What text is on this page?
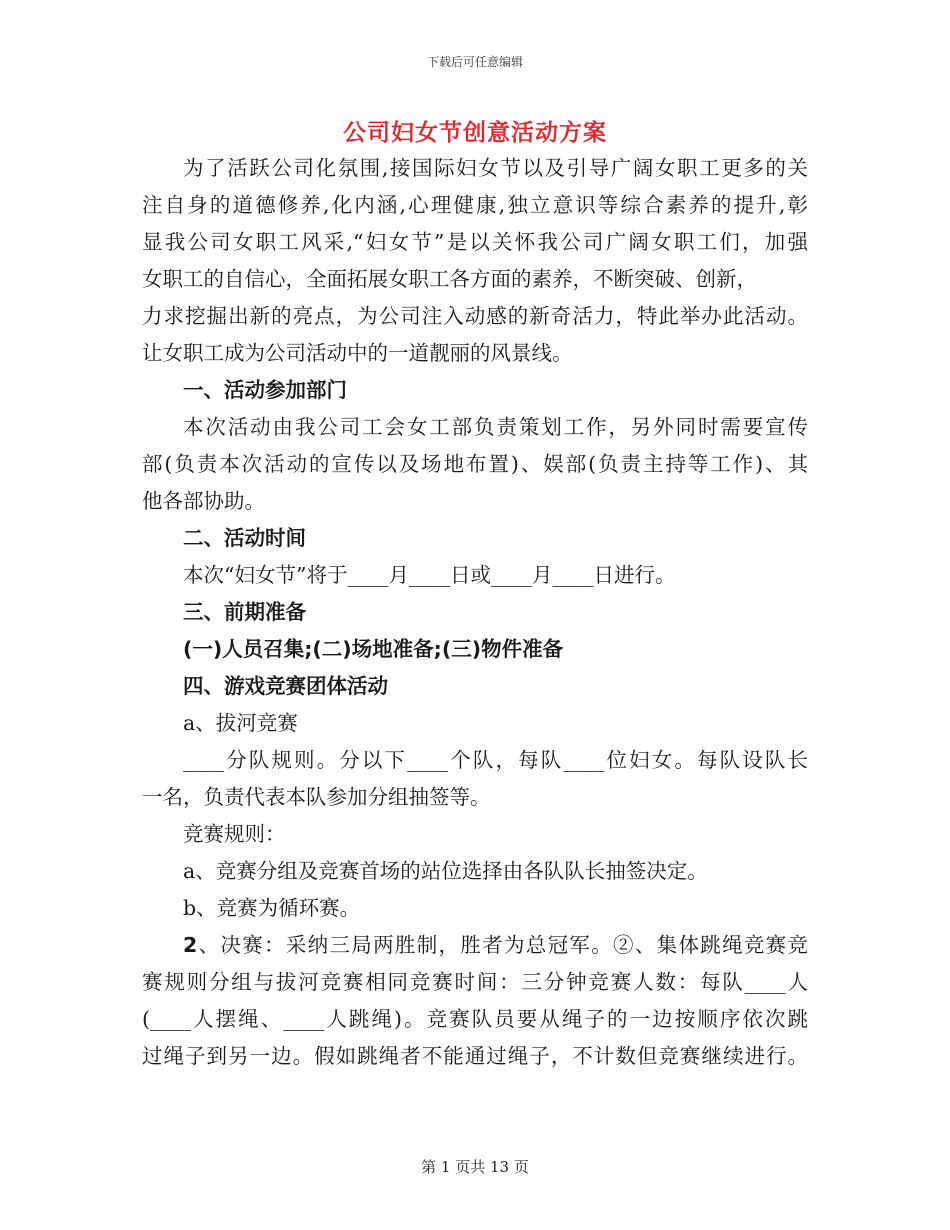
下载后可任意编辑
公司妇女节创意活动方案

为了活跃公司化氛围,接国际妇女节以及引导广阔女职工更多的关

注自身的道德修养,化内涵,心理健康,独立意识等综合素养的提升,彰

显我公司女职工风采,“妇女节”是以关怀我公司广阔女职工们，加强

女职工的自信心，全面拓展女职工各方面的素养，不断突破、创新，

力求挖掘出新的亮点，为公司注入动感的新奇活力，特此举办此活动。

让女职工成为公司活动中的一道靓丽的风景线。

一、活动参加部门

本次活动由我公司工会女工部负责策划工作，另外同时需要宣传

部(负责本次活动的宣传以及场地布置)、娱部(负责主持等工作)、其

他各部协助。

二、活动时间

本次“妇女节”将于____月____日或____月____日进行。

三、前期准备

(一)人员召集;(二)场地准备;(三)物件准备

四、游戏竞赛团体活动

a、拔河竞赛

____分队规则。分以下____个队，每队____位妇女。每队设队长

一名，负责代表本队参加分组抽签等。

竞赛规则：

a、竞赛分组及竞赛首场的站位选择由各队队长抽签决定。

b、竞赛为循环赛。

2、决赛：采纳三局两胜制，胜者为总冠军。②、集体跳绳竞赛竞

赛规则分组与拔河竞赛相同竞赛时间：三分钟竞赛人数：每队____人

(____人摆绳、____人跳绳)。竞赛队员要从绳子的一边按顺序依次跳

过绳子到另一边。假如跳绳者不能通过绳子，不计数但竞赛继续进行。

第 1 页共 13 页
